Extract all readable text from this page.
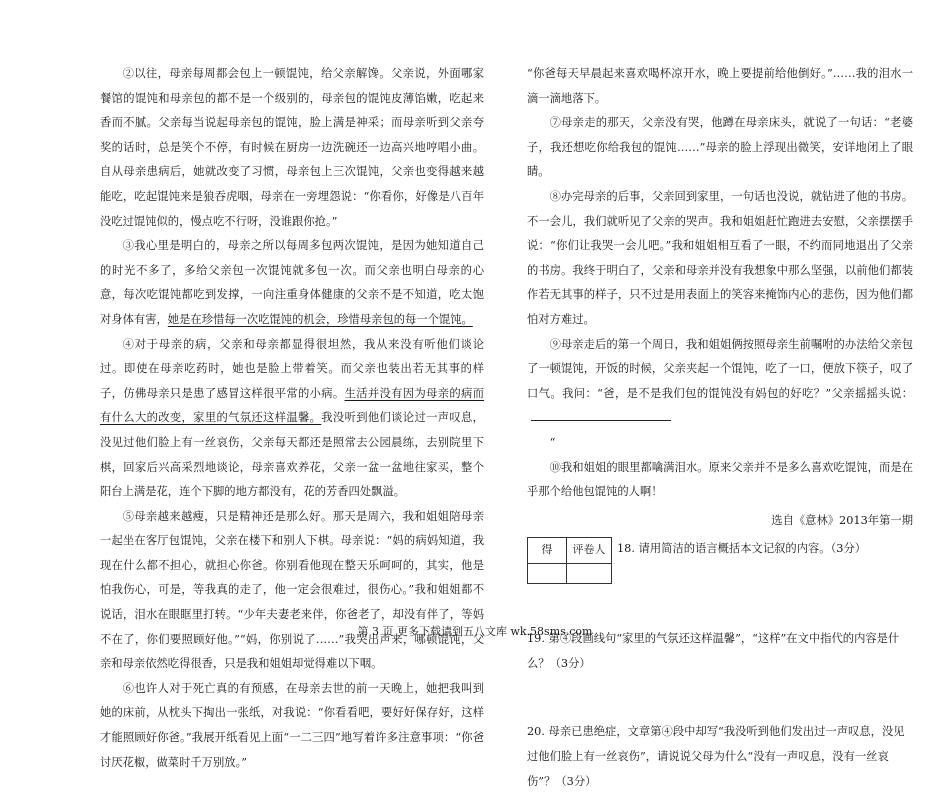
②以往，母亲每周都会包上一顿馄饨，给父亲解馋。父亲说，外面哪家餐馆的馄饨和母亲包的都不是一个级别的，母亲包的馄饨皮薄馅嫩，吃起来香而不腻。父亲每当说起母亲包的馄饨，脸上满是神采；而母亲听到父亲夸奖的话时，总是笑个不停，有时候在厨房一边洗碗还一边高兴地哼唱小曲。自从母亲患病后，她就改变了习惯，母亲包上三次馄饨，父亲也变得越来越能吃，吃起馄饨来是狼吞虎咽，母亲在一旁埋怨说：“你看你，好像是八百年没吃过馄饨似的，慢点吃不行呀，没谁跟你抢。”

③我心里是明白的，母亲之所以每周多包两次馄饨，是因为她知道自己的时光不多了，多给父亲包一次馄饨就多包一次。而父亲也明白母亲的心意，每次吃馄饨都吃到发撑，一向注重身体健康的父亲不是不知道，吃太饱对身体有害，她是在珍惜每一次吃馄饨的机会，珍惜母亲包的每一个馄饨。

④对于母亲的病，父亲和母亲都显得很坦然，我从来没有听他们谈论过。即使在母亲吃药时，她也是脸上带着笑。而父亲也装出若无其事的样子，仿佛母亲只是患了感冒这样很平常的小病。生活并没有因为母亲的病而有什么大的改变，家里的气氛还这样温馨。我没听到他们谈论过一声叹息，没见过他们脸上有一丝哀伤，父亲每天都还是照常去公园晨练，去别院里下棋，回家后兴高采烈地谈论，母亲喜欢养花，父亲一盆一盆地往家买，整个阳台上满是花，连个下脚的地方都没有，花的芳香四处飘溢。

⑤母亲越来越瘦，只是精神还是那么好。那天是周六，我和姐姐陪母亲一起坐在客厅包馄饨，父亲在楼下和别人下棋。母亲说：“妈的病妈知道，我现在什么都不担心，就担心你爸。你别看他现在整天乐呵呵的，其实，他是怕我伤心，可是，等我真的走了，他一定会很难过，很伤心。”我和姐姐都不说话，泪水在眼眶里打转。“少年夫妻老来伴，你爸老了，却没有伴了，等妈不在了，你们要照顾好他。”“妈，你别说了……”我哭出声来，哪顿馄饨，父亲和母亲依然吃得很香，只是我和姐姐却觉得难以下咽。

⑥也许人对于死亡真的有预感，在母亲去世的前一天晚上，她把我叫到她的床前，从枕头下掏出一张纸，对我说：“你看看吧，要好好保存好，这样才能照顾好你爸。”我展开纸看见上面“一二三四”地写着许多注意事项：“你爸讨厌花椒，做菜时千万别放。”

“你爸每天早晨起来喜欢喝杯凉开水，晚上要提前给他倒好。”……我的泪水一滴一滴地落下。

⑦母亲走的那天，父亲没有哭，他蹲在母亲床头，就说了一句话：“老婆子，我还想吃你给我包的馄饨……”母亲的脸上浮现出微笑，安详地闭上了眼睛。

⑧办完母亲的后事，父亲回到家里，一句话也没说，就钻进了他的书房。不一会儿，我们就听见了父亲的哭声。我和姐姐赶忙跑进去安慰，父亲摆摆手说：“你们让我哭一会儿吧。”我和姐姐相互看了一眼，不约而同地退出了父亲的书房。我终于明白了，父亲和母亲并没有我想象中那么坚强，以前他们都装作若无其事的样子，只不过是用表面上的笑容来掩饰内心的悲伤，因为他们都怕对方难过。

⑨母亲走后的第一个周日，我和姐姐俩按照母亲生前嘱咐的办法给父亲包了一顿馄饨，开饭的时候，父亲夹起一个馄饨，吃了一口，便放下筷子，叹了口气。我问：“爸，是不是我们包的馄饨没有妈包的好吃？”父亲摇摇头说：

“

⑩我和姐姐的眼里都噙满泪水。原来父亲并不是多么喜欢吃馄饨，而是在乎那个给他包馄饨的人啊！

选自《意林》2013年第一期

得	评卷人
	18. 请用简洁的语言概括本文记叙的内容。（3分）

19. 第④段画线句“家里的气氛还这样温馨”，“这样”在文中指代的内容是什么？（3分）

20. 母亲已患绝症，文章第④段中却写“我没听到他们发出过一声叹息，没见过他们脸上有一丝哀伤”，请说说父母为什么“没有一声叹息，没有一丝哀伤”？（3分）

第 3 页 更多下载请到五八文库 wk.58sms.com
